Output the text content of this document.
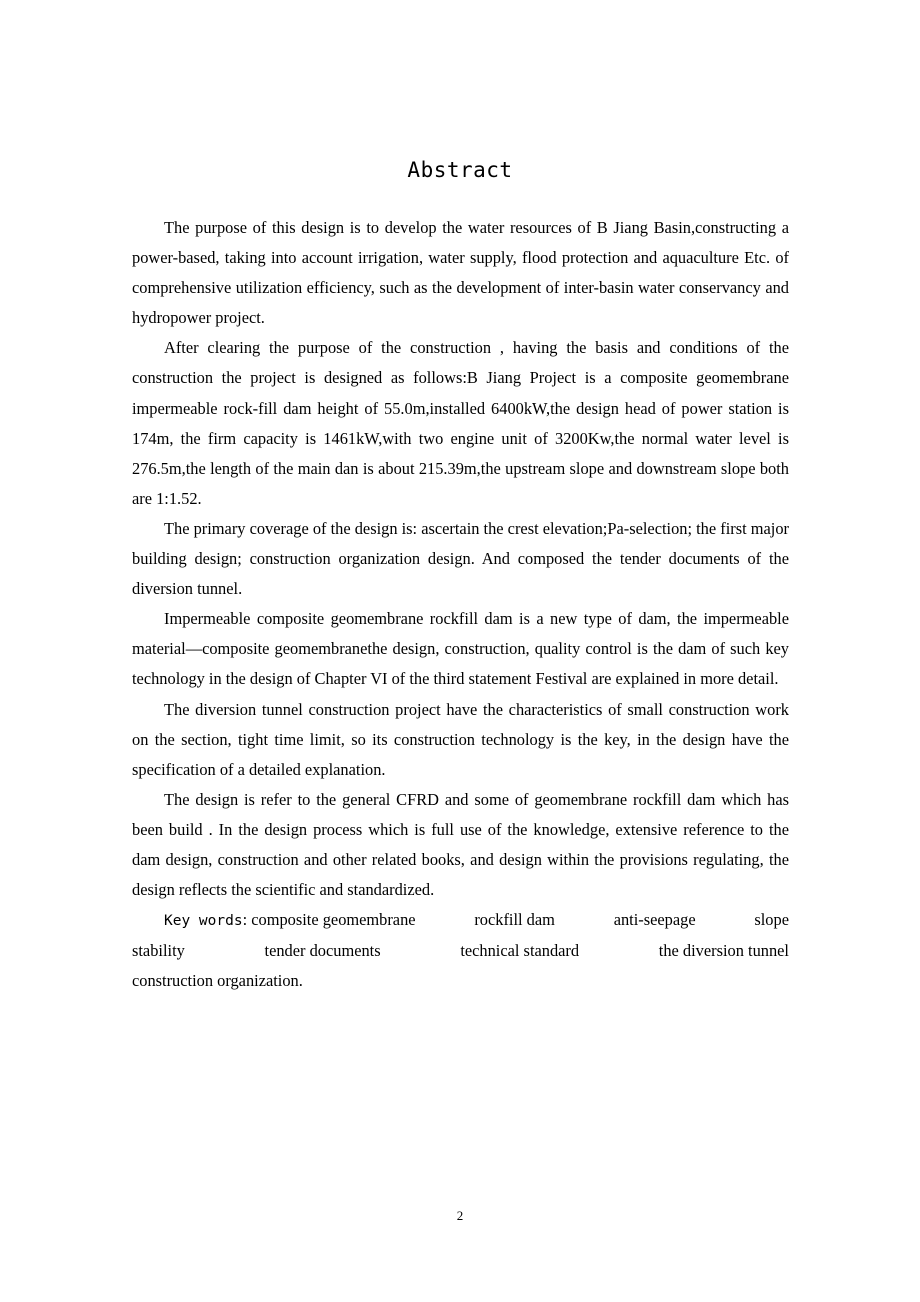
Abstract

The purpose of this design is to develop the water resources of B Jiang Basin,constructing a power-based, taking into account irrigation, water supply, flood protection and aquaculture Etc. of comprehensive utilization efficiency, such as the development of inter-basin water conservancy and hydropower project.

After clearing the purpose of the construction , having the basis and conditions of the construction the project is designed as follows:B Jiang Project is a composite geomembrane impermeable rock-fill dam height of 55.0m,installed 6400kW,the design head of power station is 174m, the firm capacity is 1461kW,with two engine unit of 3200Kw,the normal water level is 276.5m,the length of the main dan is about 215.39m,the upstream slope and downstream slope both are 1:1.52.

The primary coverage of the design is: ascertain the crest elevation;Pa-selection; the first major building design; construction organization design. And composed the tender documents of the diversion tunnel.

Impermeable composite geomembrane rockfill dam is a new type of dam, the impermeable material—composite geomembranethe design, construction, quality control is the dam of such key technology in the design of Chapter VI of the third statement Festival are explained in more detail.

The diversion tunnel construction project have the characteristics of small construction work on the section, tight time limit, so its construction technology is the key, in the design have the specification of a detailed explanation.

The design is refer to the general CFRD and some of geomembrane rockfill dam which has been build . In the design process which is full use of the knowledge, extensive reference to the dam design, construction and other related books, and design within the provisions regulating, the design reflects the scientific and standardized.

Key words: composite geomembrane	rockfill dam	anti-seepage	slope
stability	tender documents	technical standard	the diversion tunnel
construction organization.
2
